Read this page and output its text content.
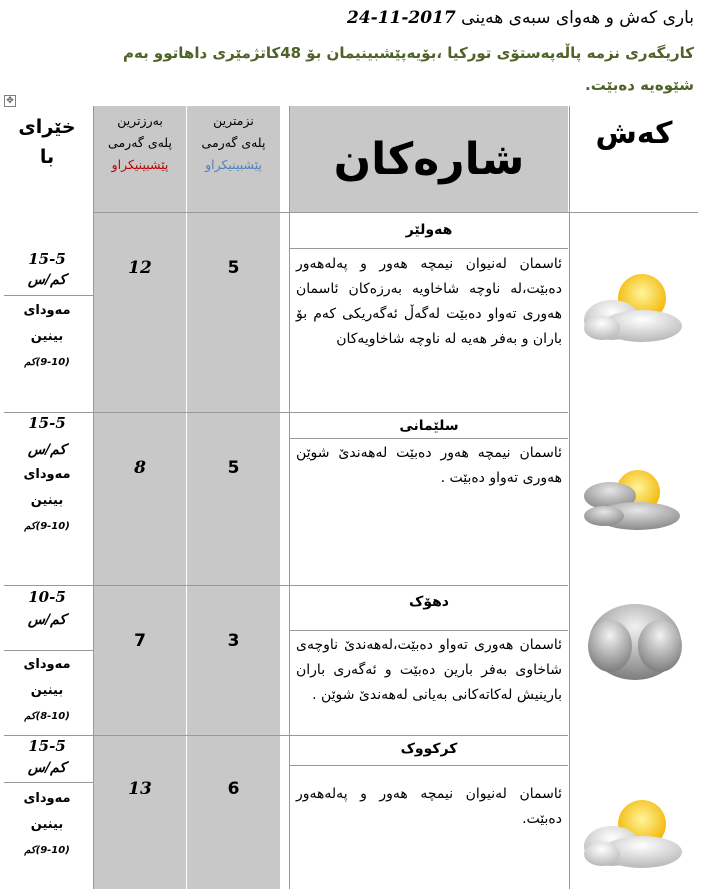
باری کەش و هەوای سبەی هەینی 24-11-2017
کاریگەری نزمە پاڵەپەستۆی تورکیا ،بۆیەپێشبینیمان بۆ 48کاتژمێری داهاتوو بەم
شێوەیە دەبێت.
✥
کەش
شارەکان
نزمترین
پلەی گەرمی
پێشبینیکراو
بەرزترین
پلەی گەرمی
پێشبینیکراو
خێرای
با
هەولێر
ئاسمان لەنیوان نیمچە هەور و پەلەهەور دەبێت،لە ناوچە شاخاویە بەرزەکان ئاسمان هەوری تەواو دەبێت لەگەڵ ئەگەریکی کەم بۆ باران و بەفر هەیە لە ناوچە شاخاویەکان
5
12
15-5
کم/س
مەودای
بینین
(9-10)کم
سلێمانی
ئاسمان نیمچە هەور دەبێت لەهەندێ شوێن هەوری تەواو دەبێت .
5
8
15-5
کم/س
مەودای
بینین
(9-10)کم
دهۆک
ئاسمان هەوری تەواو دەبێت،لەهەندێ ناوچەی شاخاوی بەفر بارین دەبێت و ئەگەری باران بارینیش لەکاتەکانی بەیانی لەهەندێ شوێن .
3
7
10-5
کم/س
مەودای
بینین
(8-10)کم
کرکووک
ئاسمان لەنیوان نیمچە هەور و پەلەهەور دەبێت.
6
13
15-5
کم/س
مەودای
بینین
(9-10)کم
